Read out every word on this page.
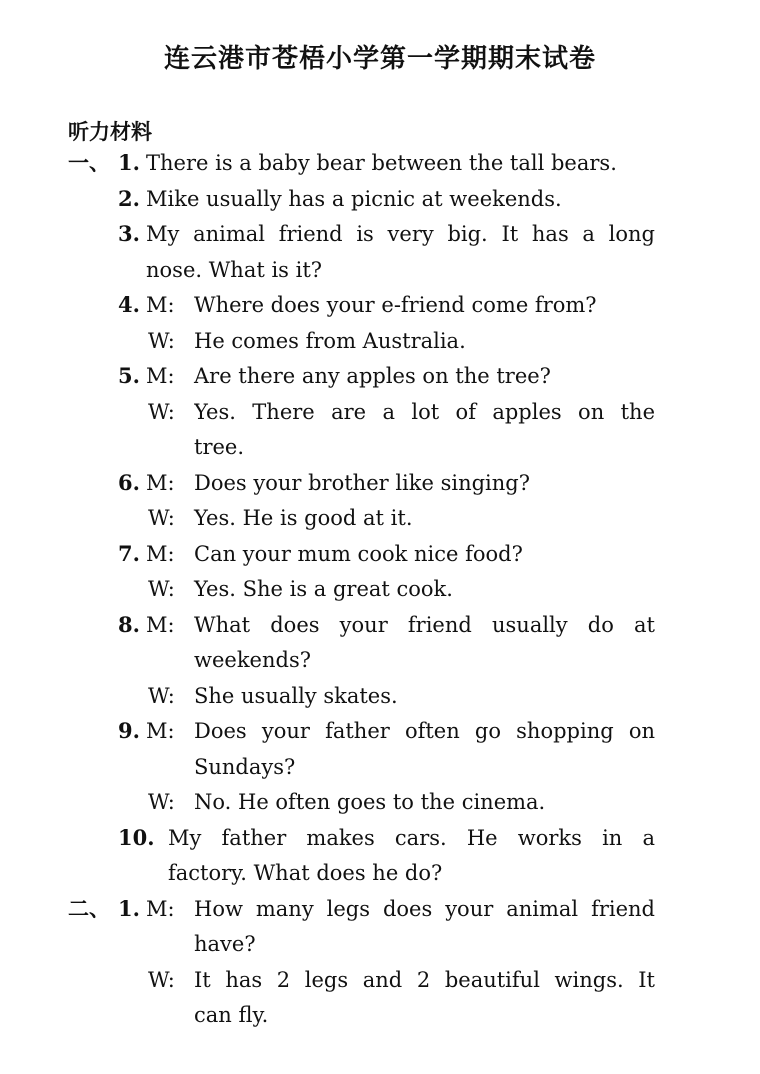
连云港市苍梧小学第一学期期末试卷
听力材料
一、 1. There is a baby bear between the tall bears.
2. Mike usually has a picnic at weekends.
3. My animal friend is very big. It has a long
nose. What is it?
4. M: Where does your e-friend come from?
W: He comes from Australia.
5. M: Are there any apples on the tree?
W: Yes. There are a lot of apples on the
tree.
6. M: Does your brother like singing?
W: Yes. He is good at it.
7. M: Can your mum cook nice food?
W: Yes. She is a great cook.
8. M: What does your friend usually do at
weekends?
W: She usually skates.
9. M: Does your father often go shopping on
Sundays?
W: No. He often goes to the cinema.
10. My father makes cars. He works in a
factory. What does he do?
二、 1. M: How many legs does your animal friend
have?
W: It has 2 legs and 2 beautiful wings. It
can fly.
